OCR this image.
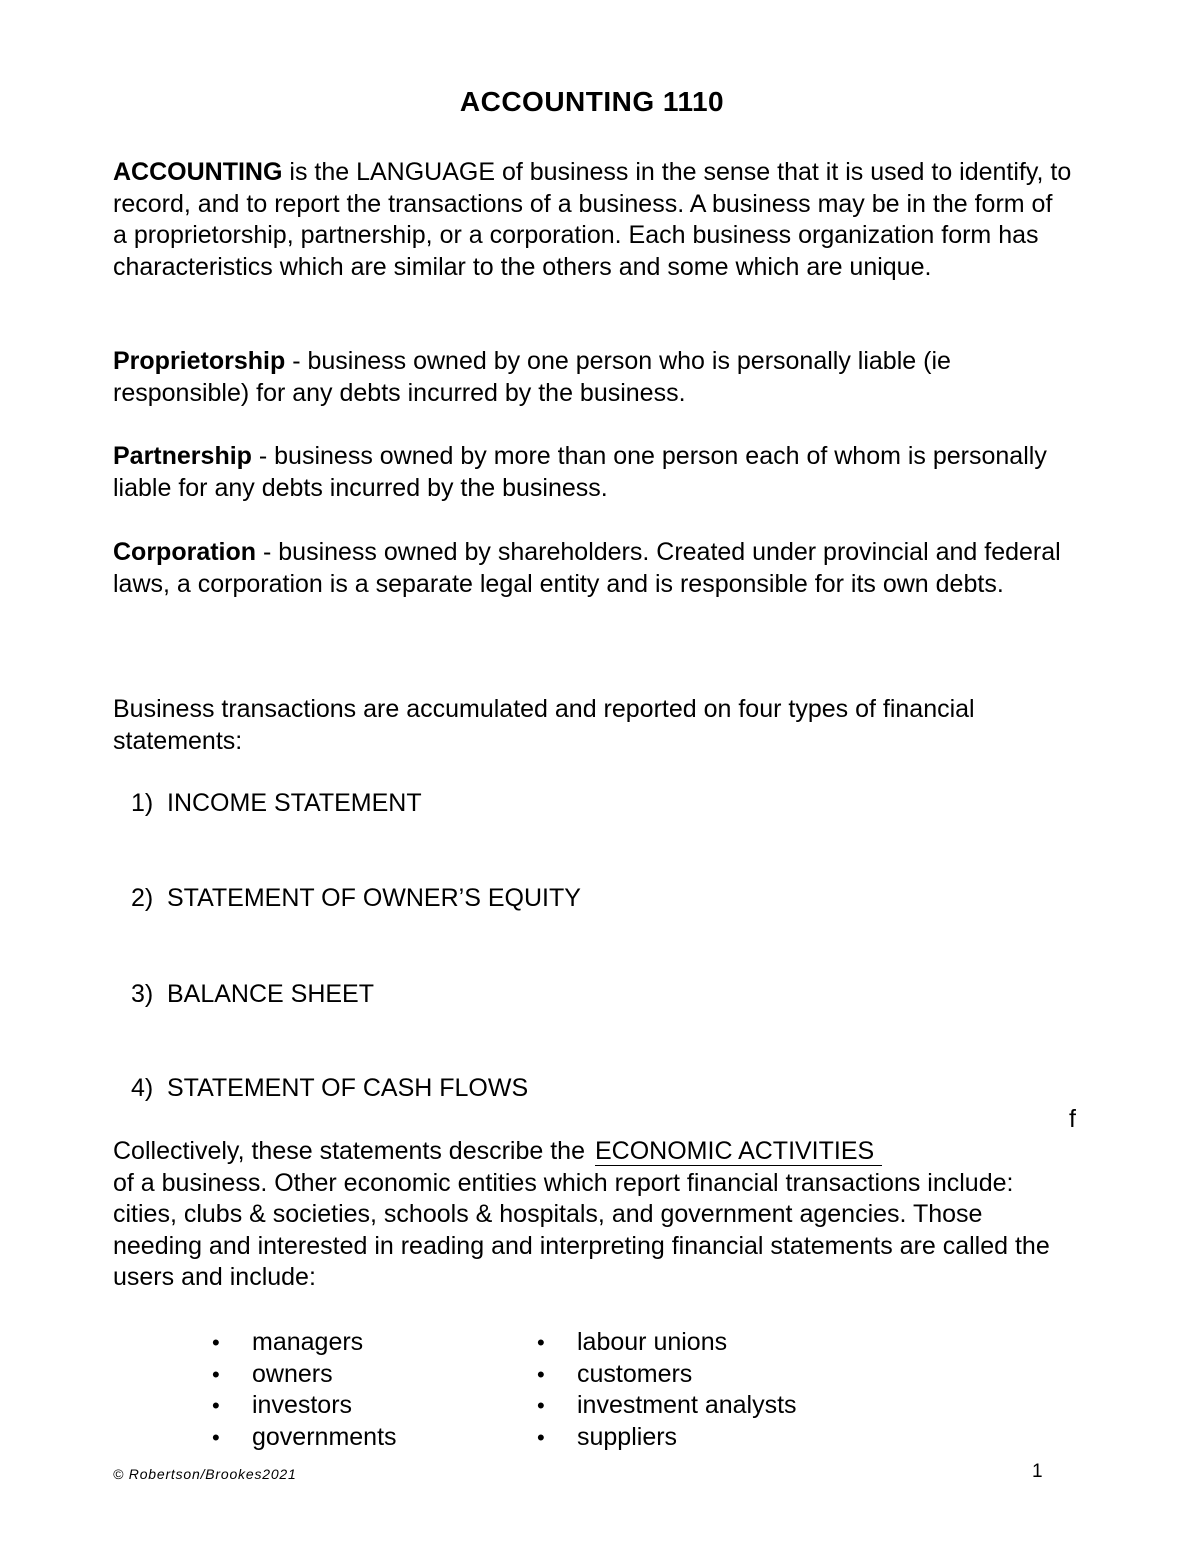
ACCOUNTING 1110
ACCOUNTING is the LANGUAGE of business in the sense that it is used to identify, to record, and to report the transactions of a business. A business may be in the form of a proprietorship, partnership, or a corporation. Each business organization form has characteristics which are similar to the others and some which are unique.
Proprietorship - business owned by one person who is personally liable (ie responsible) for any debts incurred by the business.
Partnership - business owned by more than one person each of whom is personally liable for any debts incurred by the business.
Corporation - business owned by shareholders. Created under provincial and federal laws, a corporation is a separate legal entity and is responsible for its own debts.
Business transactions are accumulated and reported on four types of financial statements:
1) INCOME STATEMENT
2) STATEMENT OF OWNER’S EQUITY
3) BALANCE SHEET
4) STATEMENT OF CASH FLOWS
f
Collectively, these statements describe the ECONOMIC ACTIVITIES
of a business. Other economic entities which report financial transactions include: cities, clubs & societies, schools & hospitals, and government agencies. Those needing and interested in reading and interpreting financial statements are called the users and include:
• managers
• owners
• investors
• governments
• labour unions
• customers
• investment analysts
• suppliers
© Robertson/Brookes2021	1
